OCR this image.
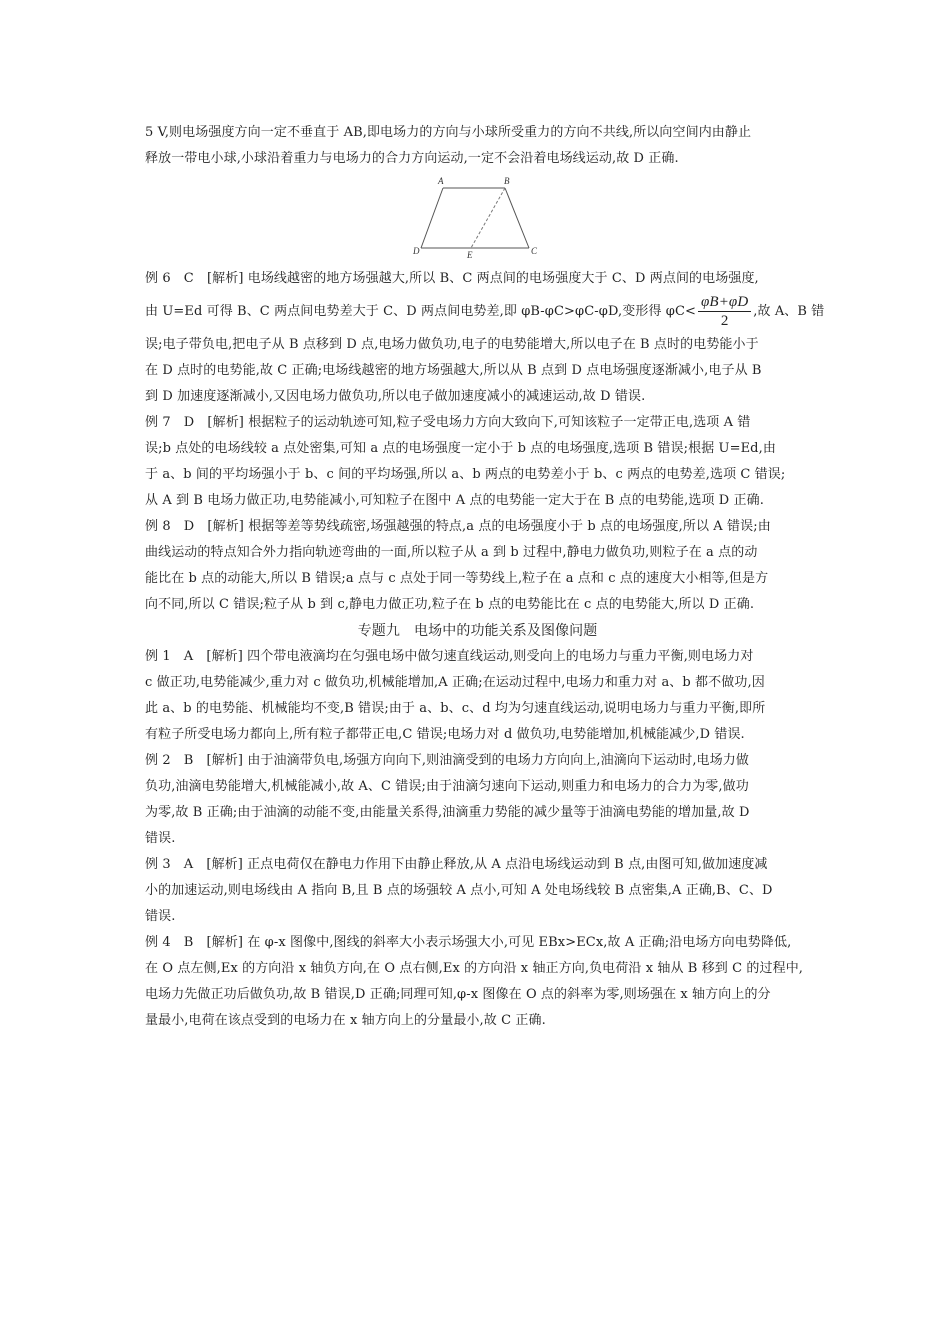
5 V,则电场强度方向一定不垂直于 AB,即电场力的方向与小球所受重力的方向不共线,所以向空间内由静止
释放一带电小球,小球沿着重力与电场力的合力方向运动,一定不会沿着电场线运动,故 D 正确.
A	B
D	C
E
例 6　C　[解析] 电场线越密的地方场强越大,所以 B、C 两点间的电场强度大于 C、D 两点间的电场强度,
由 U=Ed 可得 B、C 两点间电势差大于 C、D 两点间电势差,即 φB-φC>φC-φD,变形得 $\varphi C< \frac{\varphi B+\varphi D}{2}$ ,故 A、B 错
误;电子带负电,把电子从 B 点移到 D 点,电场力做负功,电子的电势能增大,所以电子在 B 点时的电势能小于
在 D 点时的电势能,故 C 正确;电场线越密的地方场强越大,所以从 B 点到 D 点电场强度逐渐减小,电子从 B
到 D 加速度逐渐减小,又因电场力做负功,所以电子做加速度减小的减速运动,故 D 错误.
例 7　D　[解析] 根据粒子的运动轨迹可知,粒子受电场力方向大致向下,可知该粒子一定带正电,选项 A 错
误;b 点处的电场线较 a 点处密集,可知 a 点的电场强度一定小于 b 点的电场强度,选项 B 错误;根据 U=Ed,由
于 a、b 间的平均场强小于 b、c 间的平均场强,所以 a、b 两点的电势差小于 b、c 两点的电势差,选项 C 错误;
从 A 到 B 电场力做正功,电势能减小,可知粒子在图中 A 点的电势能一定大于在 B 点的电势能,选项 D 正确.
例 8　D　[解析] 根据等差等势线疏密,场强越强的特点,a 点的电场强度小于 b 点的电场强度,所以 A 错误;由
曲线运动的特点知合外力指向轨迹弯曲的一面,所以粒子从 a 到 b 过程中,静电力做负功,则粒子在 a 点的动
能比在 b 点的动能大,所以 B 错误;a 点与 c 点处于同一等势线上,粒子在 a 点和 c 点的速度大小相等,但是方
向不同,所以 C 错误;粒子从 b 到 c,静电力做正功,粒子在 b 点的电势能比在 c 点的电势能大,所以 D 正确.
专题九　电场中的功能关系及图像问题
例 1　A　[解析] 四个带电液滴均在匀强电场中做匀速直线运动,则受向上的电场力与重力平衡,则电场力对
c 做正功,电势能减少,重力对 c 做负功,机械能增加,A 正确;在运动过程中,电场力和重力对 a、b 都不做功,因
此 a、b 的电势能、机械能均不变,B 错误;由于 a、b、c、d 均为匀速直线运动,说明电场力与重力平衡,即所
有粒子所受电场力都向上,所有粒子都带正电,C 错误;电场力对 d 做负功,电势能增加,机械能减少,D 错误.
例 2　B　[解析] 由于油滴带负电,场强方向向下,则油滴受到的电场力方向向上,油滴向下运动时,电场力做
负功,油滴电势能增大,机械能减小,故 A、C 错误;由于油滴匀速向下运动,则重力和电场力的合力为零,做功
为零,故 B 正确;由于油滴的动能不变,由能量关系得,油滴重力势能的减少量等于油滴电势能的增加量,故 D
错误.
例 3　A　[解析] 正点电荷仅在静电力作用下由静止释放,从 A 点沿电场线运动到 B 点,由图可知,做加速度减
小的加速运动,则电场线由 A 指向 B,且 B 点的场强较 A 点小,可知 A 处电场线较 B 点密集,A 正确,B、C、D
错误.
例 4　B　[解析] 在 φ-x 图像中,图线的斜率大小表示场强大小,可见 EBx>ECx,故 A 正确;沿电场方向电势降低,
在 O 点左侧,Ex 的方向沿 x 轴负方向,在 O 点右侧,Ex 的方向沿 x 轴正方向,负电荷沿 x 轴从 B 移到 C 的过程中,
电场力先做正功后做负功,故 B 错误,D 正确;同理可知,φ-x 图像在 O 点的斜率为零,则场强在 x 轴方向上的分
量最小,电荷在该点受到的电场力在 x 轴方向上的分量最小,故 C 正确.
